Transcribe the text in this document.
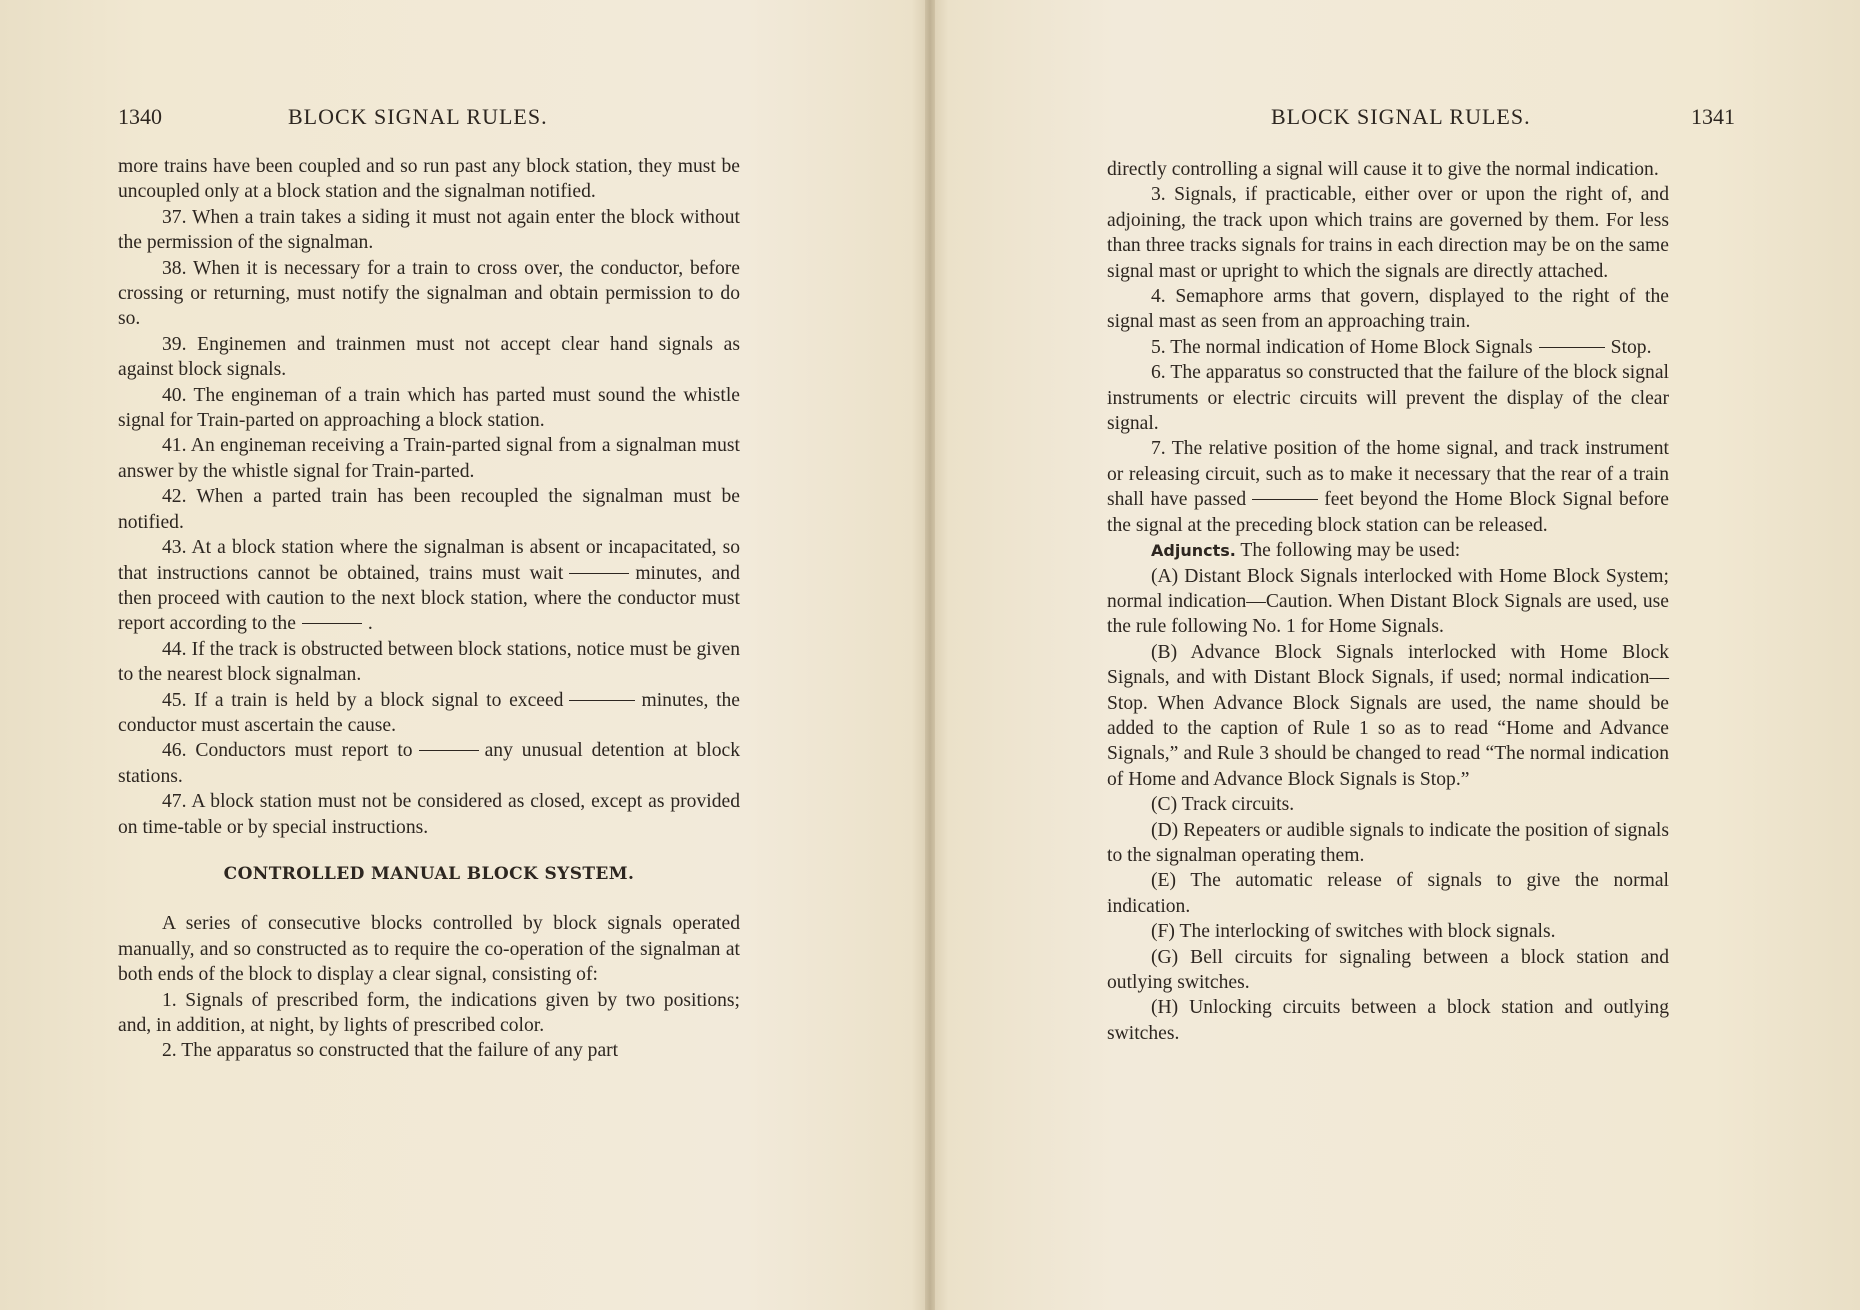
1340	BLOCK SIGNAL RULES.

more trains have been coupled and so run past any block station, they must be uncoupled only at a block station and the signalman notified.

37. When a train takes a siding it must not again enter the block without the permission of the signalman.

38. When it is necessary for a train to cross over, the conductor, before crossing or returning, must notify the signalman and obtain permission to do so.

39. Enginemen and trainmen must not accept clear hand signals as against block signals.

40. The engineman of a train which has parted must sound the whistle signal for Train-parted on approaching a block station.

41. An engineman receiving a Train-parted signal from a signalman must answer by the whistle signal for Train-parted.

42. When a parted train has been recoupled the signalman must be notified.

43. At a block station where the signalman is absent or incapacitated, so that instructions cannot be obtained, trains must wait	minutes, and then proceed with caution to the next block station, where the conductor must report according to the	.

44. If the track is obstructed between block stations, notice must be given to the nearest block signalman.

45. If a train is held by a block signal to exceed	minutes, the conductor must ascertain the cause.

46. Conductors must report to	any unusual detention at block stations.

47. A block station must not be considered as closed, except as provided on time-table or by special instructions.

CONTROLLED MANUAL BLOCK SYSTEM.

A series of consecutive blocks controlled by block signals operated manually, and so constructed as to require the co-operation of the signalman at both ends of the block to display a clear signal, consisting of:

1. Signals of prescribed form, the indications given by two positions; and, in addition, at night, by lights of prescribed color.

2. The apparatus so constructed that the failure of any part

BLOCK SIGNAL RULES.	1341

directly controlling a signal will cause it to give the normal indication.

3. Signals, if practicable, either over or upon the right of, and adjoining, the track upon which trains are governed by them. For less than three tracks signals for trains in each direction may be on the same signal mast or upright to which the signals are directly attached.

4. Semaphore arms that govern, displayed to the right of the signal mast as seen from an approaching train.

5. The normal indication of Home Block Signals	Stop.

6. The apparatus so constructed that the failure of the block signal instruments or electric circuits will prevent the display of the clear signal.

7. The relative position of the home signal, and track instrument or releasing circuit, such as to make it necessary that the rear of a train shall have passed	feet beyond the Home Block Signal before the signal at the preceding block station can be released.

Adjuncts. The following may be used:

(A) Distant Block Signals interlocked with Home Block System; normal indication—Caution. When Distant Block Signals are used, use the rule following No. 1 for Home Signals.

(B) Advance Block Signals interlocked with Home Block Signals, and with Distant Block Signals, if used; normal indication—Stop. When Advance Block Signals are used, the name should be added to the caption of Rule 1 so as to read “Home and Advance Signals,” and Rule 3 should be changed to read “The normal indication of Home and Advance Block Signals is Stop.”

(C) Track circuits.

(D) Repeaters or audible signals to indicate the position of signals to the signalman operating them.

(E) The automatic release of signals to give the normal indication.

(F) The interlocking of switches with block signals.

(G) Bell circuits for signaling between a block station and outlying switches.

(H) Unlocking circuits between a block station and outlying switches.
